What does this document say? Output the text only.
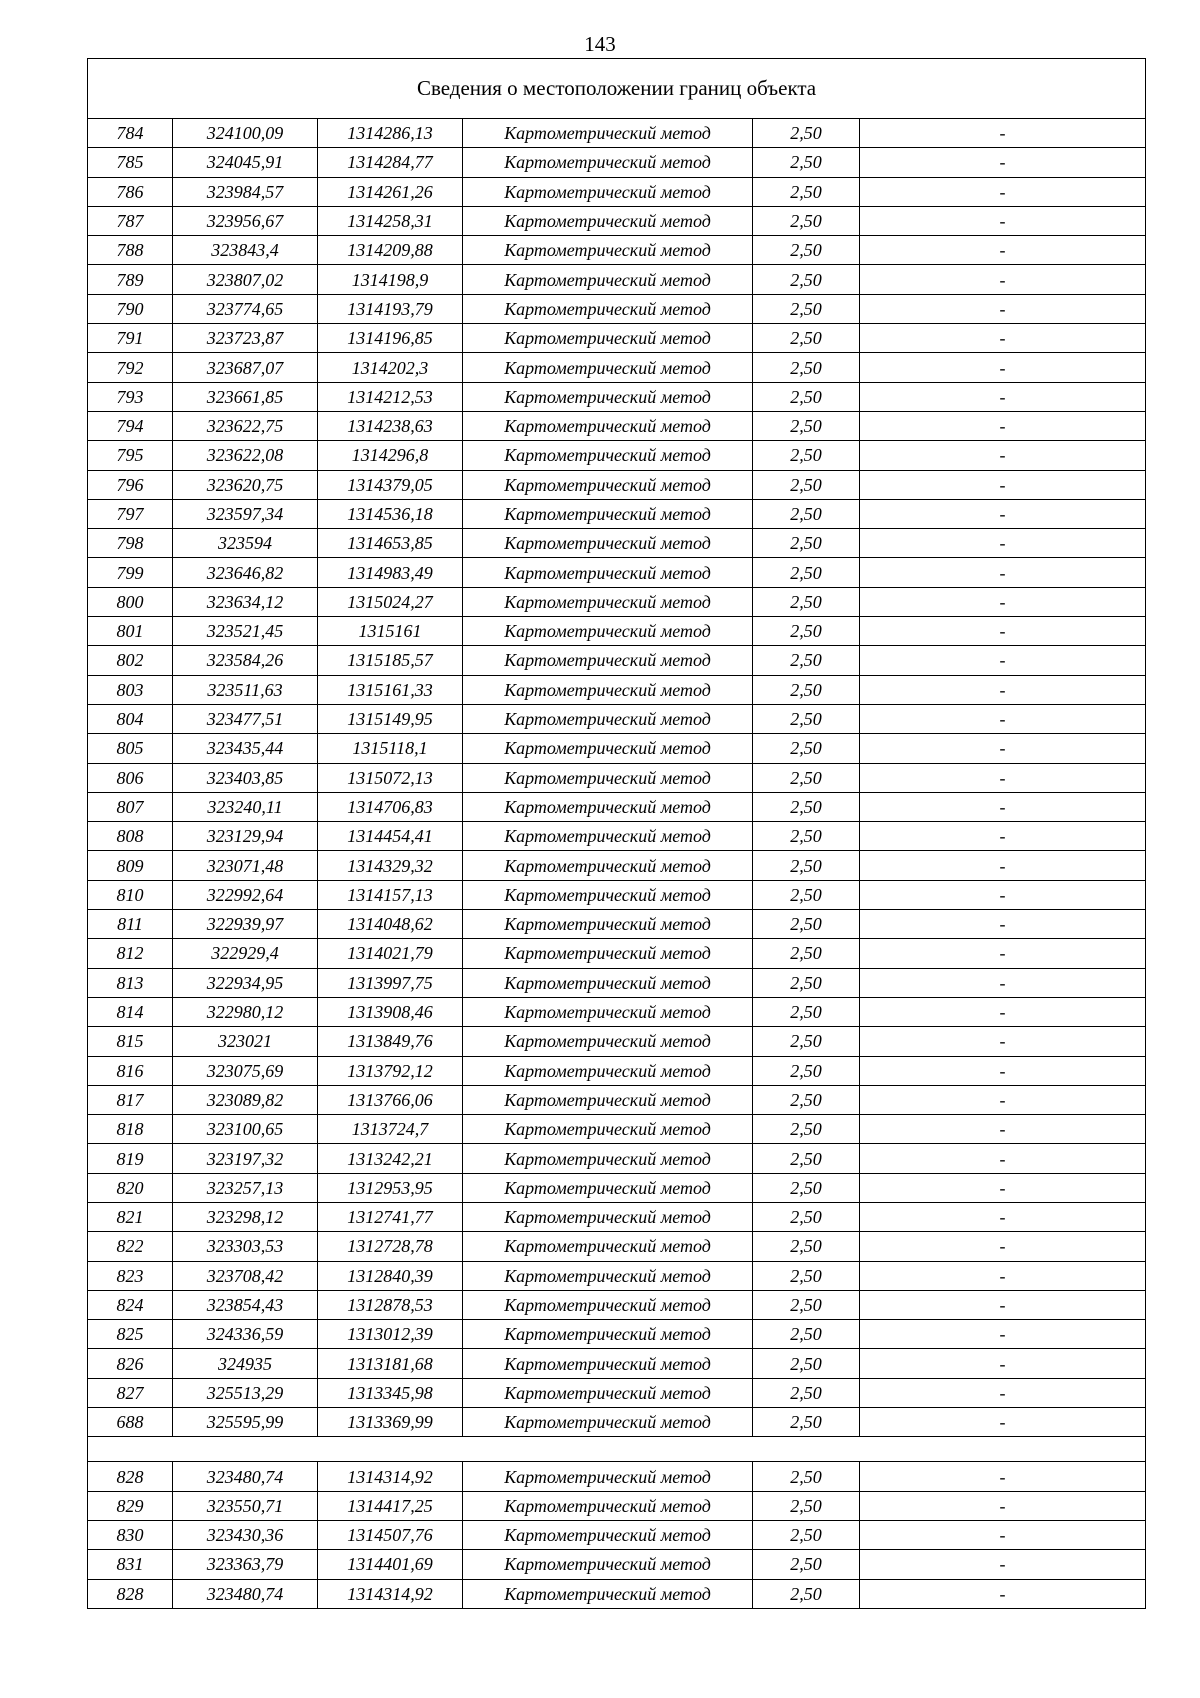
143
Сведения о местоположении границ объекта					
784	324100,09	1314286,13	Картометрический метод	2,50	-
785	324045,91	1314284,77	Картометрический метод	2,50	-
786	323984,57	1314261,26	Картометрический метод	2,50	-
787	323956,67	1314258,31	Картометрический метод	2,50	-
788	323843,4	1314209,88	Картометрический метод	2,50	-
789	323807,02	1314198,9	Картометрический метод	2,50	-
790	323774,65	1314193,79	Картометрический метод	2,50	-
791	323723,87	1314196,85	Картометрический метод	2,50	-
792	323687,07	1314202,3	Картометрический метод	2,50	-
793	323661,85	1314212,53	Картометрический метод	2,50	-
794	323622,75	1314238,63	Картометрический метод	2,50	-
795	323622,08	1314296,8	Картометрический метод	2,50	-
796	323620,75	1314379,05	Картометрический метод	2,50	-
797	323597,34	1314536,18	Картометрический метод	2,50	-
798	323594	1314653,85	Картометрический метод	2,50	-
799	323646,82	1314983,49	Картометрический метод	2,50	-
800	323634,12	1315024,27	Картометрический метод	2,50	-
801	323521,45	1315161	Картометрический метод	2,50	-
802	323584,26	1315185,57	Картометрический метод	2,50	-
803	323511,63	1315161,33	Картометрический метод	2,50	-
804	323477,51	1315149,95	Картометрический метод	2,50	-
805	323435,44	1315118,1	Картометрический метод	2,50	-
806	323403,85	1315072,13	Картометрический метод	2,50	-
807	323240,11	1314706,83	Картометрический метод	2,50	-
808	323129,94	1314454,41	Картометрический метод	2,50	-
809	323071,48	1314329,32	Картометрический метод	2,50	-
810	322992,64	1314157,13	Картометрический метод	2,50	-
811	322939,97	1314048,62	Картометрический метод	2,50	-
812	322929,4	1314021,79	Картометрический метод	2,50	-
813	322934,95	1313997,75	Картометрический метод	2,50	-
814	322980,12	1313908,46	Картометрический метод	2,50	-
815	323021	1313849,76	Картометрический метод	2,50	-
816	323075,69	1313792,12	Картометрический метод	2,50	-
817	323089,82	1313766,06	Картометрический метод	2,50	-
818	323100,65	1313724,7	Картометрический метод	2,50	-
819	323197,32	1313242,21	Картометрический метод	2,50	-
820	323257,13	1312953,95	Картометрический метод	2,50	-
821	323298,12	1312741,77	Картометрический метод	2,50	-
822	323303,53	1312728,78	Картометрический метод	2,50	-
823	323708,42	1312840,39	Картометрический метод	2,50	-
824	323854,43	1312878,53	Картометрический метод	2,50	-
825	324336,59	1313012,39	Картометрический метод	2,50	-
826	324935	1313181,68	Картометрический метод	2,50	-
827	325513,29	1313345,98	Картометрический метод	2,50	-
688	325595,99	1313369,99	Картометрический метод	2,50	-

828	323480,74	1314314,92	Картометрический метод	2,50	-
829	323550,71	1314417,25	Картометрический метод	2,50	-
830	323430,36	1314507,76	Картометрический метод	2,50	-
831	323363,79	1314401,69	Картометрический метод	2,50	-
828	323480,74	1314314,92	Картометрический метод	2,50	-
